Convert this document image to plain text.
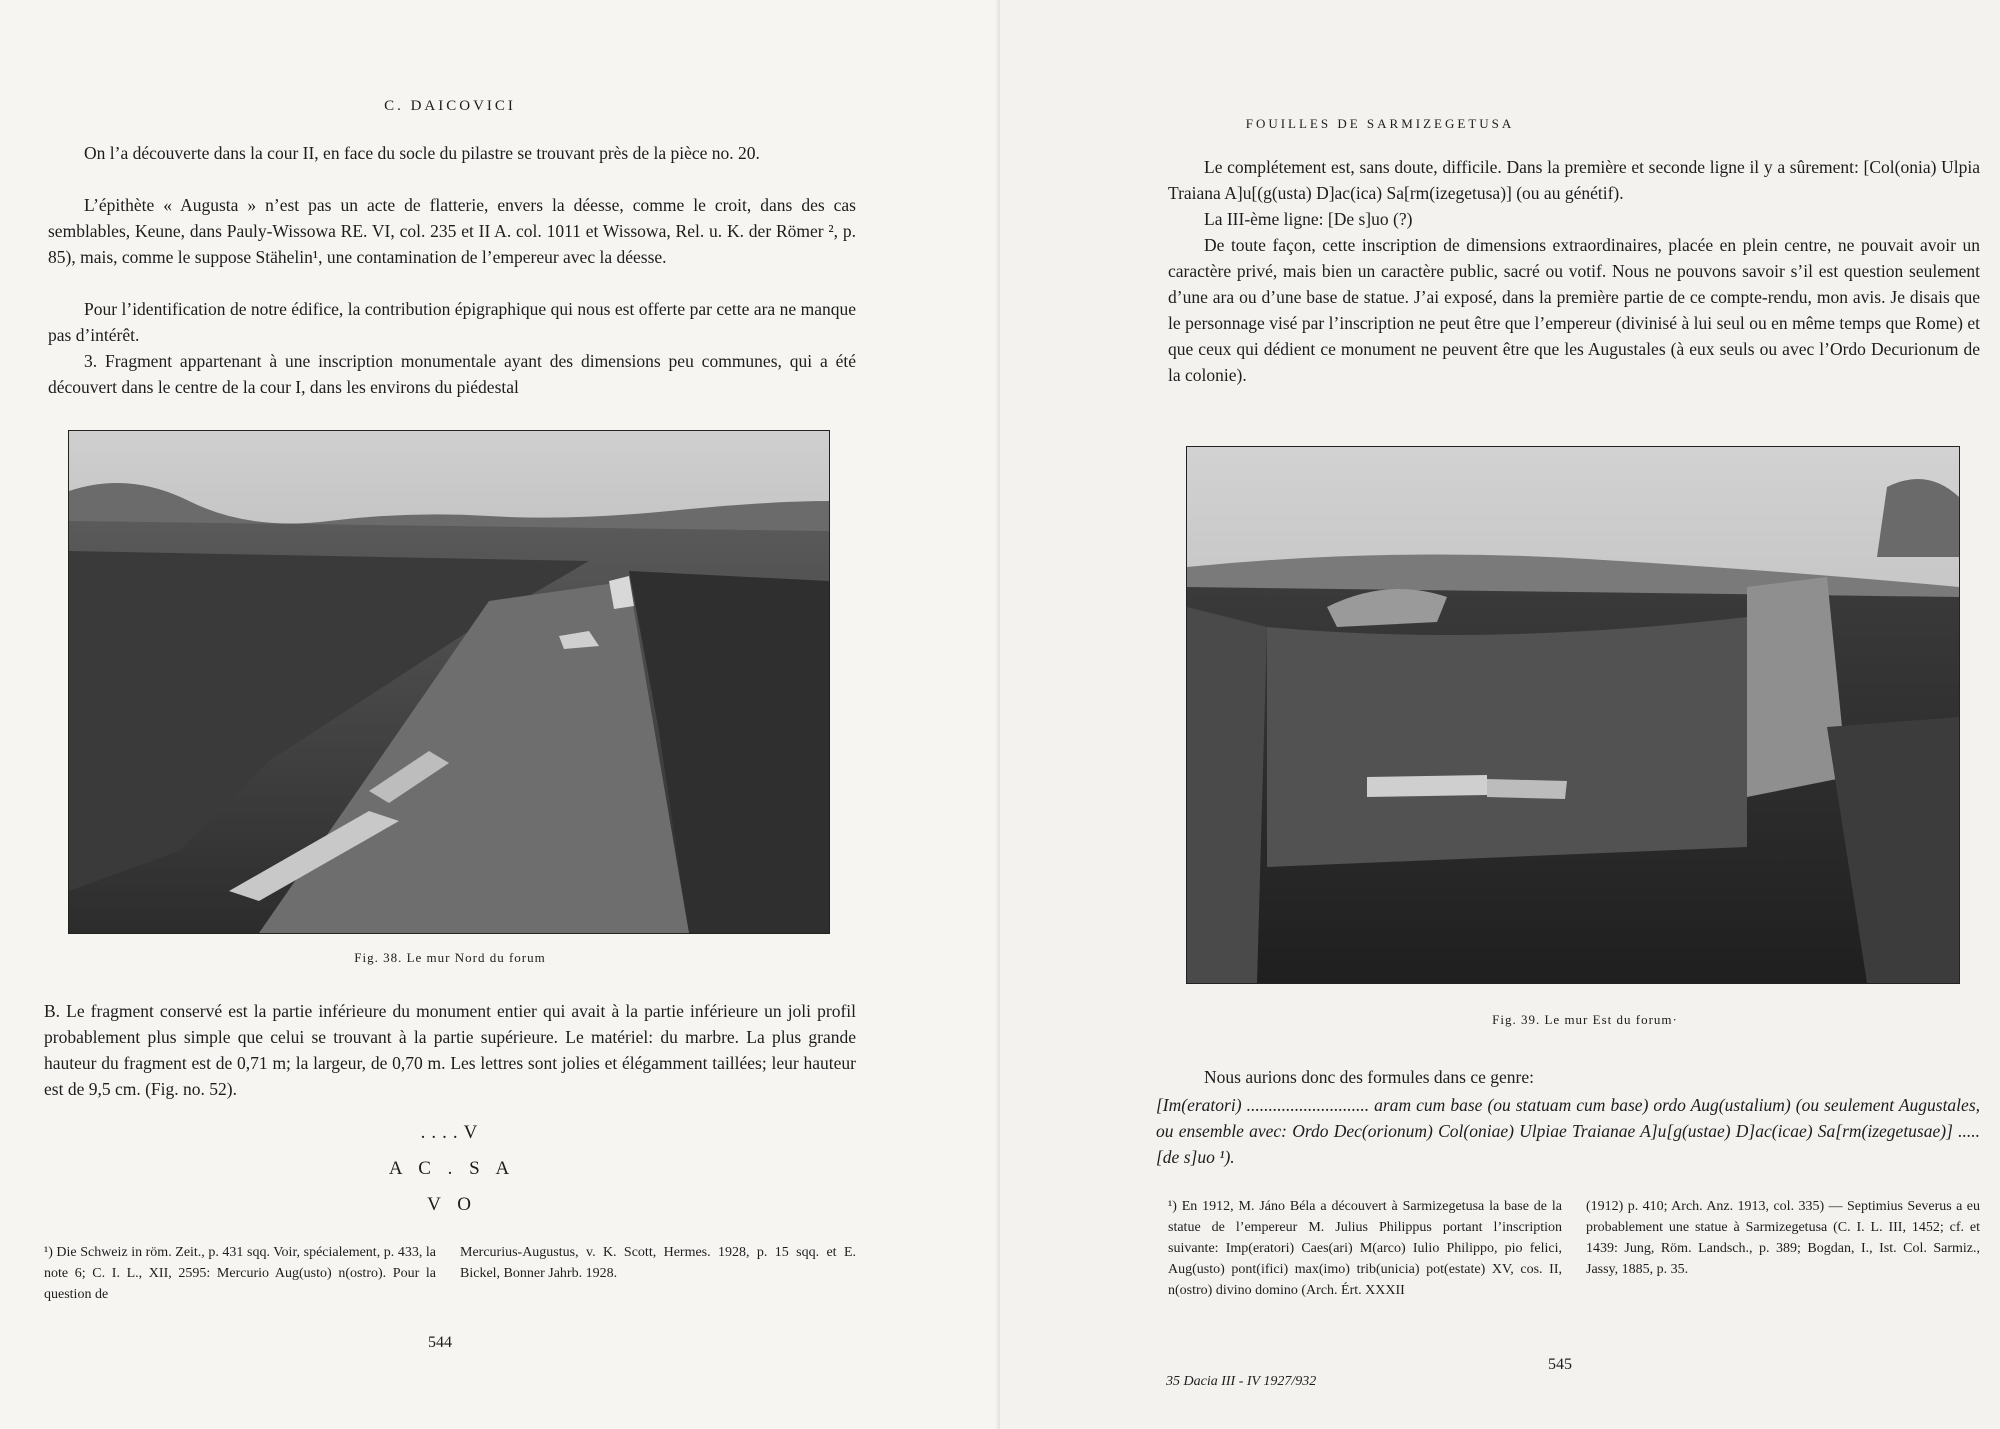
C. DAICOVICI

On l’a découverte dans la cour II, en face du socle du pilastre se trouvant près de la pièce no. 20.

L’épithète « Augusta » n’est pas un acte de flatterie, envers la déesse, comme le croit, dans des cas semblables, Keune, dans Pauly-Wissowa RE. VI, col. 235 et II A. col. 1011 et Wissowa, Rel. u. K. der Römer ², p. 85), mais, comme le suppose Stähelin¹, une contamination de l’empereur avec la déesse.

Pour l’identification de notre édifice, la contribution épigraphique qui nous est offerte par cette ara ne manque pas d’intérêt.

3. Fragment appartenant à une inscription monumentale ayant des dimensions peu communes, qui a été découvert dans le centre de la cour I, dans les environs du piédestal

Fig. 38. Le mur Nord du forum

B. Le fragment conservé est la partie inférieure du monument entier qui avait à la partie inférieure un joli profil probablement plus simple que celui se trouvant à la partie supérieure. Le matériel: du marbre. La plus grande hauteur du fragment est de 0,71 m; la largeur, de 0,70 m. Les lettres sont jolies et élégamment taillées; leur hauteur est de 9,5 cm. (Fig. no. 52).

....V
A C . S A
V O

¹) Die Schweiz in röm. Zeit., p. 431 sqq. Voir, spécialement, p. 433, la note 6; C. I. L., XII, 2595: Mercurio Aug(usto) n(ostro). Pour la question de

Mercurius-Augustus, v. K. Scott, Hermes. 1928, p. 15 sqq. et E. Bickel, Bonner Jahrb. 1928.

544
FOUILLES DE SARMIZEGETUSA

Le complétement est, sans doute, difficile. Dans la première et seconde ligne il y a sûrement: [Col(onia) Ulpia Traiana A]u[(g(usta) D]ac(ica) Sa[rm(izegetusa)] (ou au génétif).

La III-ème ligne: [De s]uo (?)

De toute façon, cette inscription de dimensions extraordinaires, placée en plein centre, ne pouvait avoir un caractère privé, mais bien un caractère public, sacré ou votif. Nous ne pouvons savoir s’il est question seulement d’une ara ou d’une base de statue. J’ai exposé, dans la première partie de ce compte-rendu, mon avis. Je disais que le personnage visé par l’inscription ne peut être que l’empereur (divinisé à lui seul ou en même temps que Rome) et que ceux qui dédient ce monument ne peuvent être que les Augustales (à eux seuls ou avec l’Ordo Decurionum de la colonie).

Fig. 39. Le mur Est du forum·

Nous aurions donc des formules dans ce genre:

[Im(eratori) ............................ aram cum base (ou statuam cum base) ordo Aug(ustalium) (ou seulement Augustales, ou ensemble avec: Ordo Dec(orionum) Col(oniae) Ulpiae Traianae A]u[g(ustae) D]ac(icae) Sa[rm(izegetusae)] ..... [de s]uo ¹).

¹) En 1912, M. Jáno Béla a découvert à Sarmizegetusa la base de la statue de l’empereur M. Julius Philippus portant l’inscription suivante: Imp(eratori) Caes(ari) M(arco) Iulio Philippo, pio felici, Aug(usto) pont(ifici) max(imo) trib(unicia) pot(estate) XV, cos. II, n(ostro) divino domino (Arch. Ért. XXXII

(1912) p. 410; Arch. Anz. 1913, col. 335) — Septimius Severus a eu probablement une statue à Sarmizegetusa (C. I. L. III, 1452; cf. et 1439: Jung, Röm. Landsch., p. 389; Bogdan, I., Ist. Col. Sarmiz., Jassy, 1885, p. 35.

35 Dacia III - IV 1927/932
545
